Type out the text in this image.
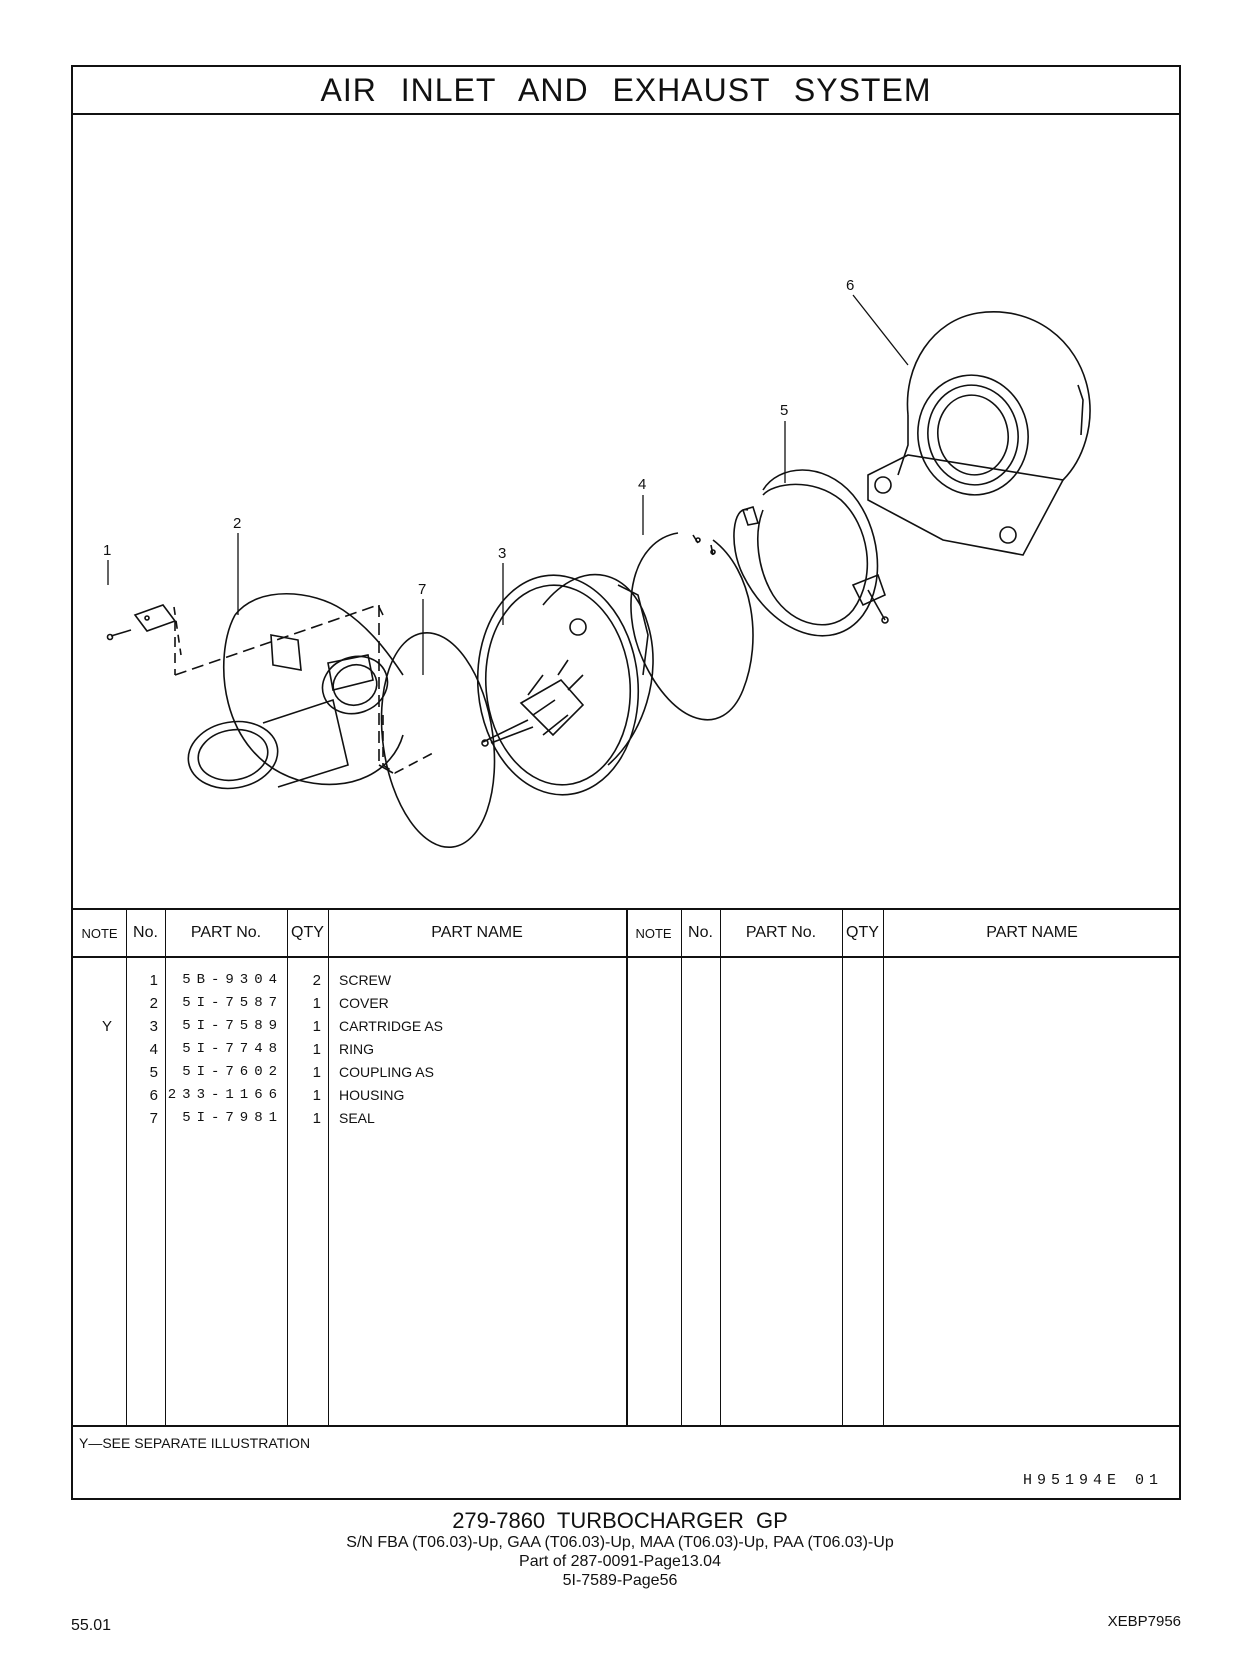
AIR INLET AND EXHAUST SYSTEM
1
2
3
4
5
6
7
NOTE No.	PART No.	QTY	PART NAME	NOTE	No.	PART No.	QTY	PART NAME
1	5B-9304	2 SCREW
2	5I-7587	1 COVER
Y	3	5I-7589	1 CARTRIDGE AS
4	5I-7748	1 RING
5	5I-7602	1 COUPLING AS
6 233-1166	1 HOUSING
7	5I-7981	1 SEAL
Y—SEE SEPARATE ILLUSTRATION
H95194E 01
279-7860 TURBOCHARGER GP
S/N FBA (T06.03)-Up, GAA (T06.03)-Up, MAA (T06.03)-Up, PAA (T06.03)-Up
Part of 287-0091-Page13.04
5I-7589-Page56
55.01	XEBP7956
